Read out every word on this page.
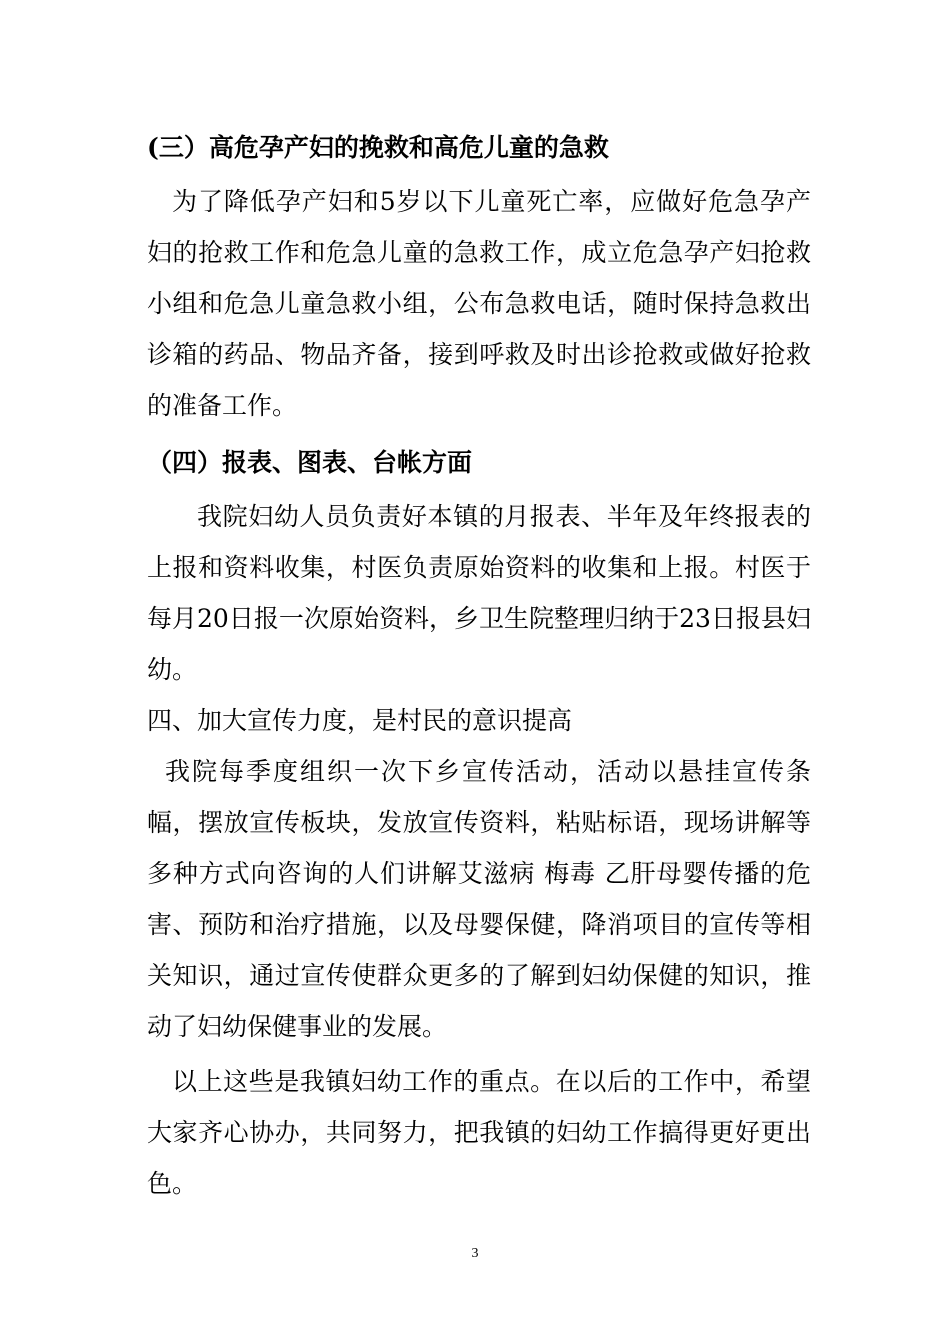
(三）高危孕产妇的挽救和高危儿童的急救

为了降低孕产妇和5岁以下儿童死亡率，应做好危急孕产妇的抢救工作和危急儿童的急救工作，成立危急孕产妇抢救小组和危急儿童急救小组，公布急救电话，随时保持急救出诊箱的药品、物品齐备，接到呼救及时出诊抢救或做好抢救的准备工作。

（四）报表、图表、台帐方面

我院妇幼人员负责好本镇的月报表、半年及年终报表的上报和资料收集，村医负责原始资料的收集和上报。村医于每月20日报一次原始资料，乡卫生院整理归纳于23日报县妇幼。

四、加大宣传力度，是村民的意识提高

我院每季度组织一次下乡宣传活动，活动以悬挂宣传条幅，摆放宣传板块，发放宣传资料，粘贴标语，现场讲解等多种方式向咨询的人们讲解艾滋病 梅毒 乙肝母婴传播的危害、预防和治疗措施，以及母婴保健，降消项目的宣传等相关知识，通过宣传使群众更多的了解到妇幼保健的知识，推动了妇幼保健事业的发展。

以上这些是我镇妇幼工作的重点。在以后的工作中，希望大家齐心协办，共同努力，把我镇的妇幼工作搞得更好更出色。

3
